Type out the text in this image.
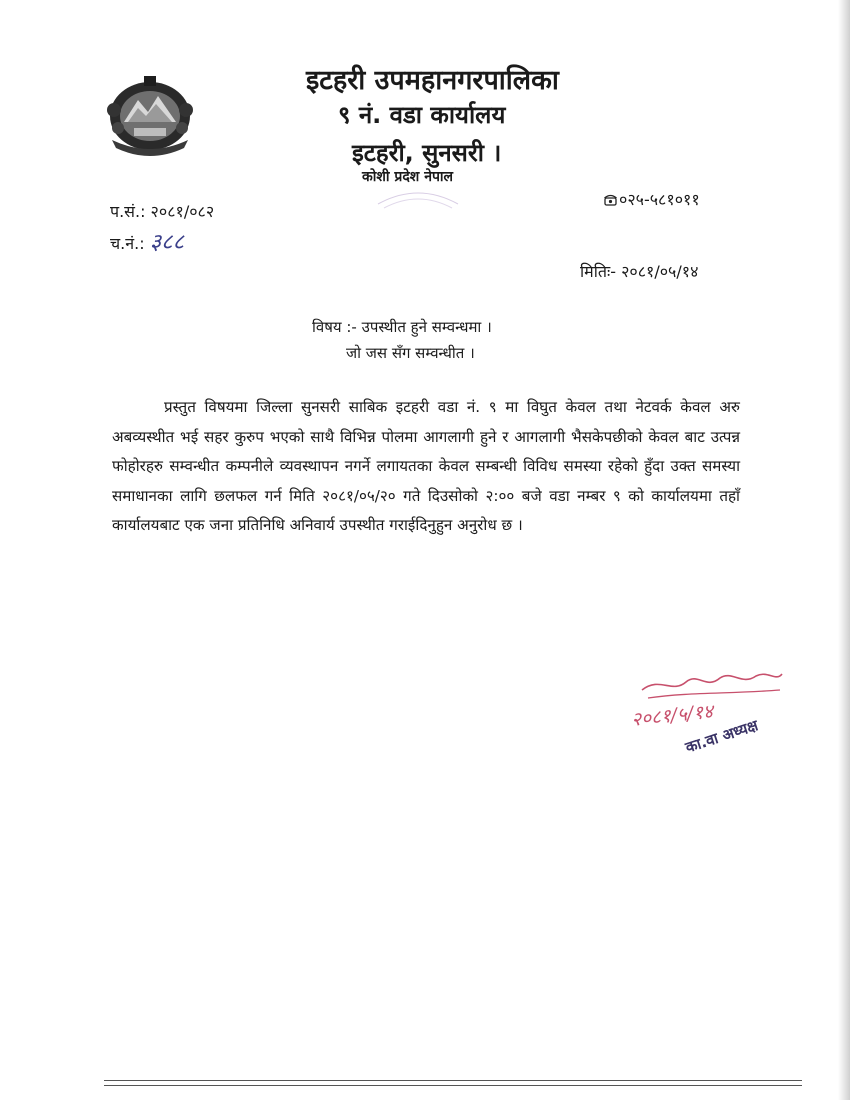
इटहरी उपमहानगरपालिका
९ नं. वडा कार्यालय
इटहरी, सुनसरी ।
कोशी प्रदेश नेपाल
प.सं.: २०८१/०८२
च.नं.: ३८८
०२५-५८१०११
मितिः- २०८१/०५/१४
विषय :- उपस्थीत हुने सम्वन्धमा ।
जो जस सँग सम्वन्धीत ।
प्रस्तुत विषयमा जिल्ला सुनसरी साबिक इटहरी वडा नं. ९ मा विघुत केवल तथा नेटवर्क केवल अरु अबव्यस्थीत भई सहर कुरुप भएको साथै विभिन्न पोलमा आगलागी हुने र आगलागी भैसकेपछीको केवल बाट उत्पन्न फोहोरहरु सम्वन्धीत कम्पनीले व्यवस्थापन नगर्ने लगायतका केवल सम्बन्धी विविध समस्या रहेको हुँदा उक्त समस्या समाधानका लागि छलफल गर्न मिति २०८१/०५/२० गते दिउसोको २:०० बजे वडा नम्बर ९ को कार्यालयमा तहाँ कार्यालयबाट एक जना प्रतिनिधि अनिवार्य उपस्थीत गराईदिनुहुन अनुरोध छ ।
२०८१/५/१४
का.वा अध्यक्ष
